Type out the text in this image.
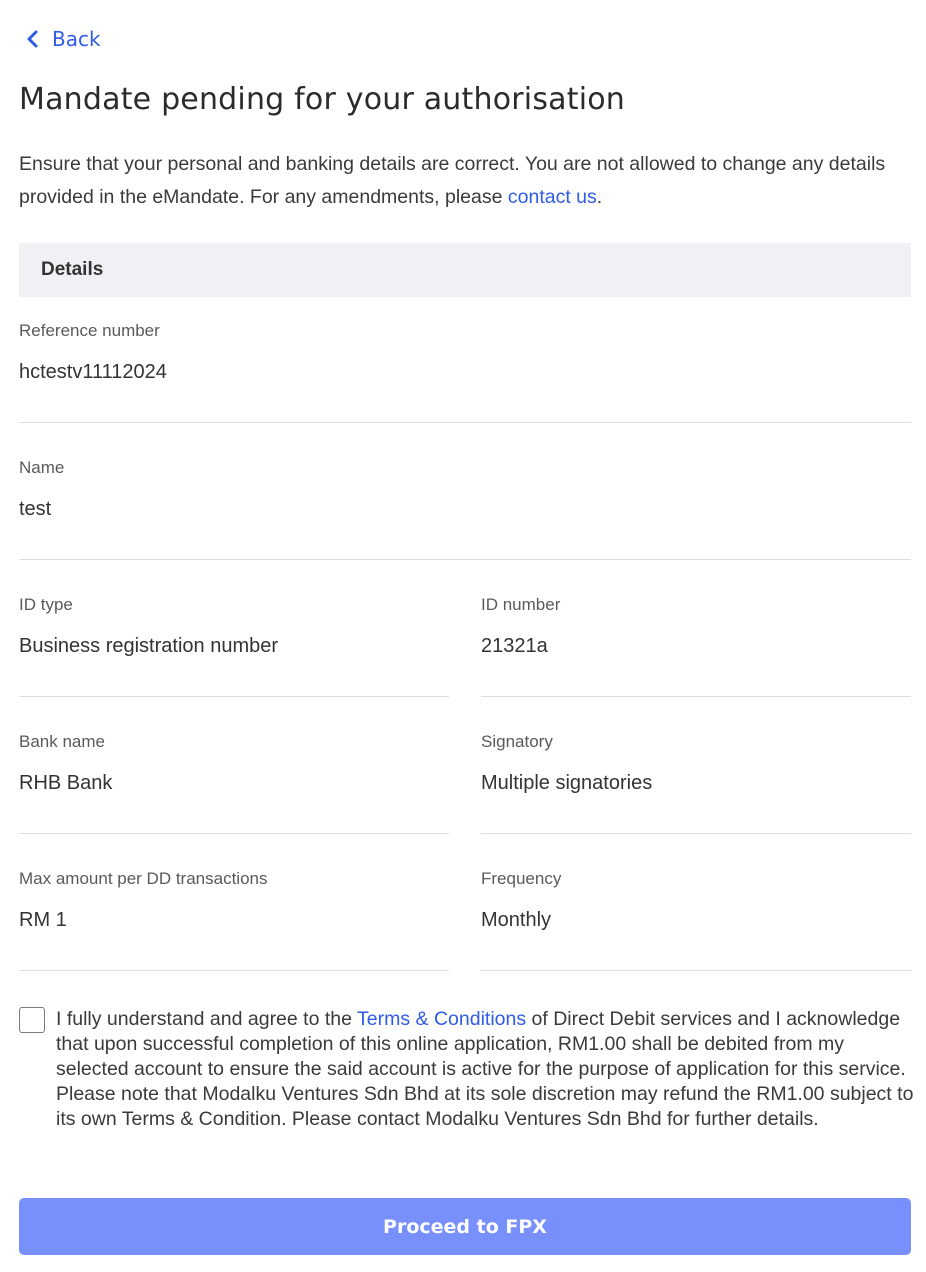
Back
Mandate pending for your authorisation

Ensure that your personal and banking details are correct. You are not allowed to change any details provided in the eMandate. For any amendments, please contact us.

Details
Reference number
hctestv11112024
Name
test
ID type
Business registration number
ID number
21321a
Bank name
RHB Bank
Signatory
Multiple signatories
Max amount per DD transactions
RM 1
Frequency
Monthly

I fully understand and agree to the Terms & Conditions of Direct Debit services and I acknowledge that upon successful completion of this online application, RM1.00 shall be debited from my selected account to ensure the said account is active for the purpose of application for this service. Please note that Modalku Ventures Sdn Bhd at its sole discretion may refund the RM1.00 subject to its own Terms & Condition. Please contact Modalku Ventures Sdn Bhd for further details.

Proceed to FPX
